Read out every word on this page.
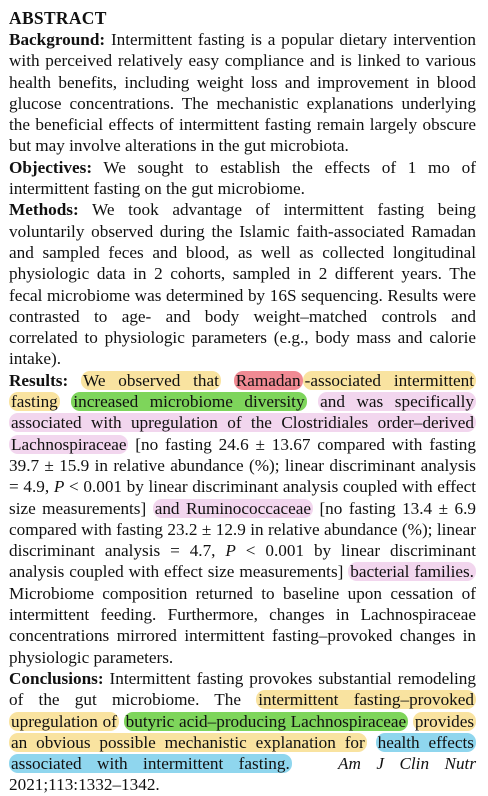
ABSTRACT

Background: Intermittent fasting is a popular dietary intervention with perceived relatively easy compliance and is linked to various health benefits, including weight loss and improvement in blood glucose concentrations. The mechanistic explanations underlying the beneficial effects of intermittent fasting remain largely obscure but may involve alterations in the gut microbiota.

Objectives: We sought to establish the effects of 1 mo of intermittent fasting on the gut microbiome.

Methods: We took advantage of intermittent fasting being voluntarily observed during the Islamic faith-associated Ramadan and sampled feces and blood, as well as collected longitudinal physiologic data in 2 cohorts, sampled in 2 different years. The fecal microbiome was determined by 16S sequencing. Results were contrasted to age- and body weight–matched controls and correlated to physiologic parameters (e.g., body mass and calorie intake).

Results: We observed that Ramadan -associated intermittent fasting increased microbiome diversity and was specifically associated with upregulation of the Clostridiales order–derived Lachnospiraceae [no fasting 24.6 ± 13.67 compared with fasting 39.7 ± 15.9 in relative abundance (%); linear discriminant analysis = 4.9, P < 0.001 by linear discriminant analysis coupled with effect size measurements] and Ruminococcaceae [no fasting 13.4 ± 6.9 compared with fasting 23.2 ± 12.9 in relative abundance (%); linear discriminant analysis = 4.7, P < 0.001 by linear discriminant analysis coupled with effect size measurements] bacterial families. Microbiome composition returned to baseline upon cessation of intermittent feeding. Furthermore, changes in Lachnospiraceae concentrations mirrored intermittent fasting–provoked changes in physiologic parameters.

Conclusions: Intermittent fasting provokes substantial remodeling of the gut microbiome. The intermittent fasting–provoked upregulation of butyric acid–producing Lachnospiraceae provides an obvious possible mechanistic explanation for health effects associated with intermittent fasting.	Am J Clin Nutr 2021;113:1332–1342.
